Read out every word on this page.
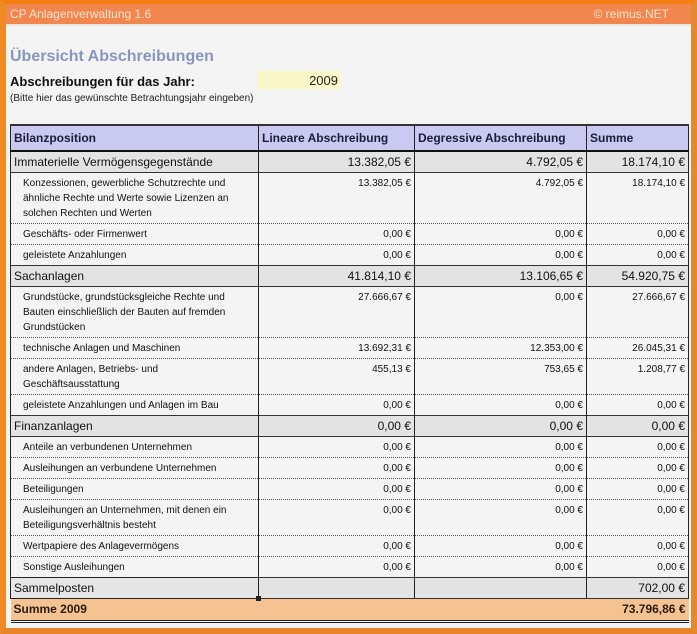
CP Anlagenverwaltung 1.6	© reimus.NET
Übersicht Abschreibungen
Abschreibungen für das Jahr:
2009
(Bitte hier das gewünschte Betrachtungsjahr eingeben)
Bilanzposition	Lineare Abschreibung	Degressive Abschreibung	Summe
Immaterielle Vermögensgegenstände	13.382,05 €	4.792,05 €	18.174,10 €
Konzessionen, gewerbliche Schutzrechte und ähnliche Rechte und Werte sowie Lizenzen an solchen Rechten und Werten	13.382,05 €	4.792,05 €	18.174,10 €
Geschäfts- oder Firmenwert	0,00 €	0,00 €	0,00 €
geleistete Anzahlungen	0,00 €	0,00 €	0,00 €
Sachanlagen	41.814,10 €	13.106,65 €	54.920,75 €
Grundstücke, grundstücksgleiche Rechte und Bauten einschließlich der Bauten auf fremden Grundstücken	27.666,67 €	0,00 €	27.666,67 €
technische Anlagen und Maschinen	13.692,31 €	12.353,00 €	26.045,31 €
andere Anlagen, Betriebs- und Geschäftsausstattung	455,13 €	753,65 €	1.208,77 €
geleistete Anzahlungen und Anlagen im Bau	0,00 €	0,00 €	0,00 €
Finanzanlagen	0,00 €	0,00 €	0,00 €
Anteile an verbundenen Unternehmen	0,00 €	0,00 €	0,00 €
Ausleihungen an verbundene Unternehmen	0,00 €	0,00 €	0,00 €
Beteiligungen	0,00 €	0,00 €	0,00 €
Ausleihungen an Unternehmen, mit denen ein Beteiligungsverhältnis besteht	0,00 €	0,00 €	0,00 €
Wertpapiere des Anlagevermögens	0,00 €	0,00 €	0,00 €
Sonstige Ausleihungen	0,00 €	0,00 €	0,00 €
Sammelposten			702,00 €
Summe 2009			73.796,86 €
